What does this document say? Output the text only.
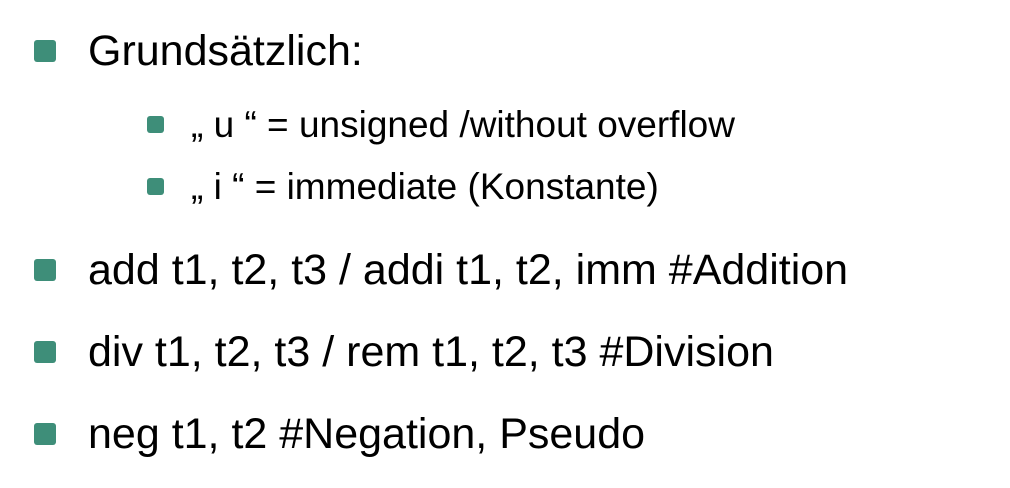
Grundsätzlich:
„ u “ = unsigned /without overflow
„ i “ = immediate (Konstante)
add t1, t2, t3 / addi t1, t2, imm #Addition
div t1, t2, t3 / rem t1, t2, t3 #Division
neg t1, t2 #Negation, Pseudo
